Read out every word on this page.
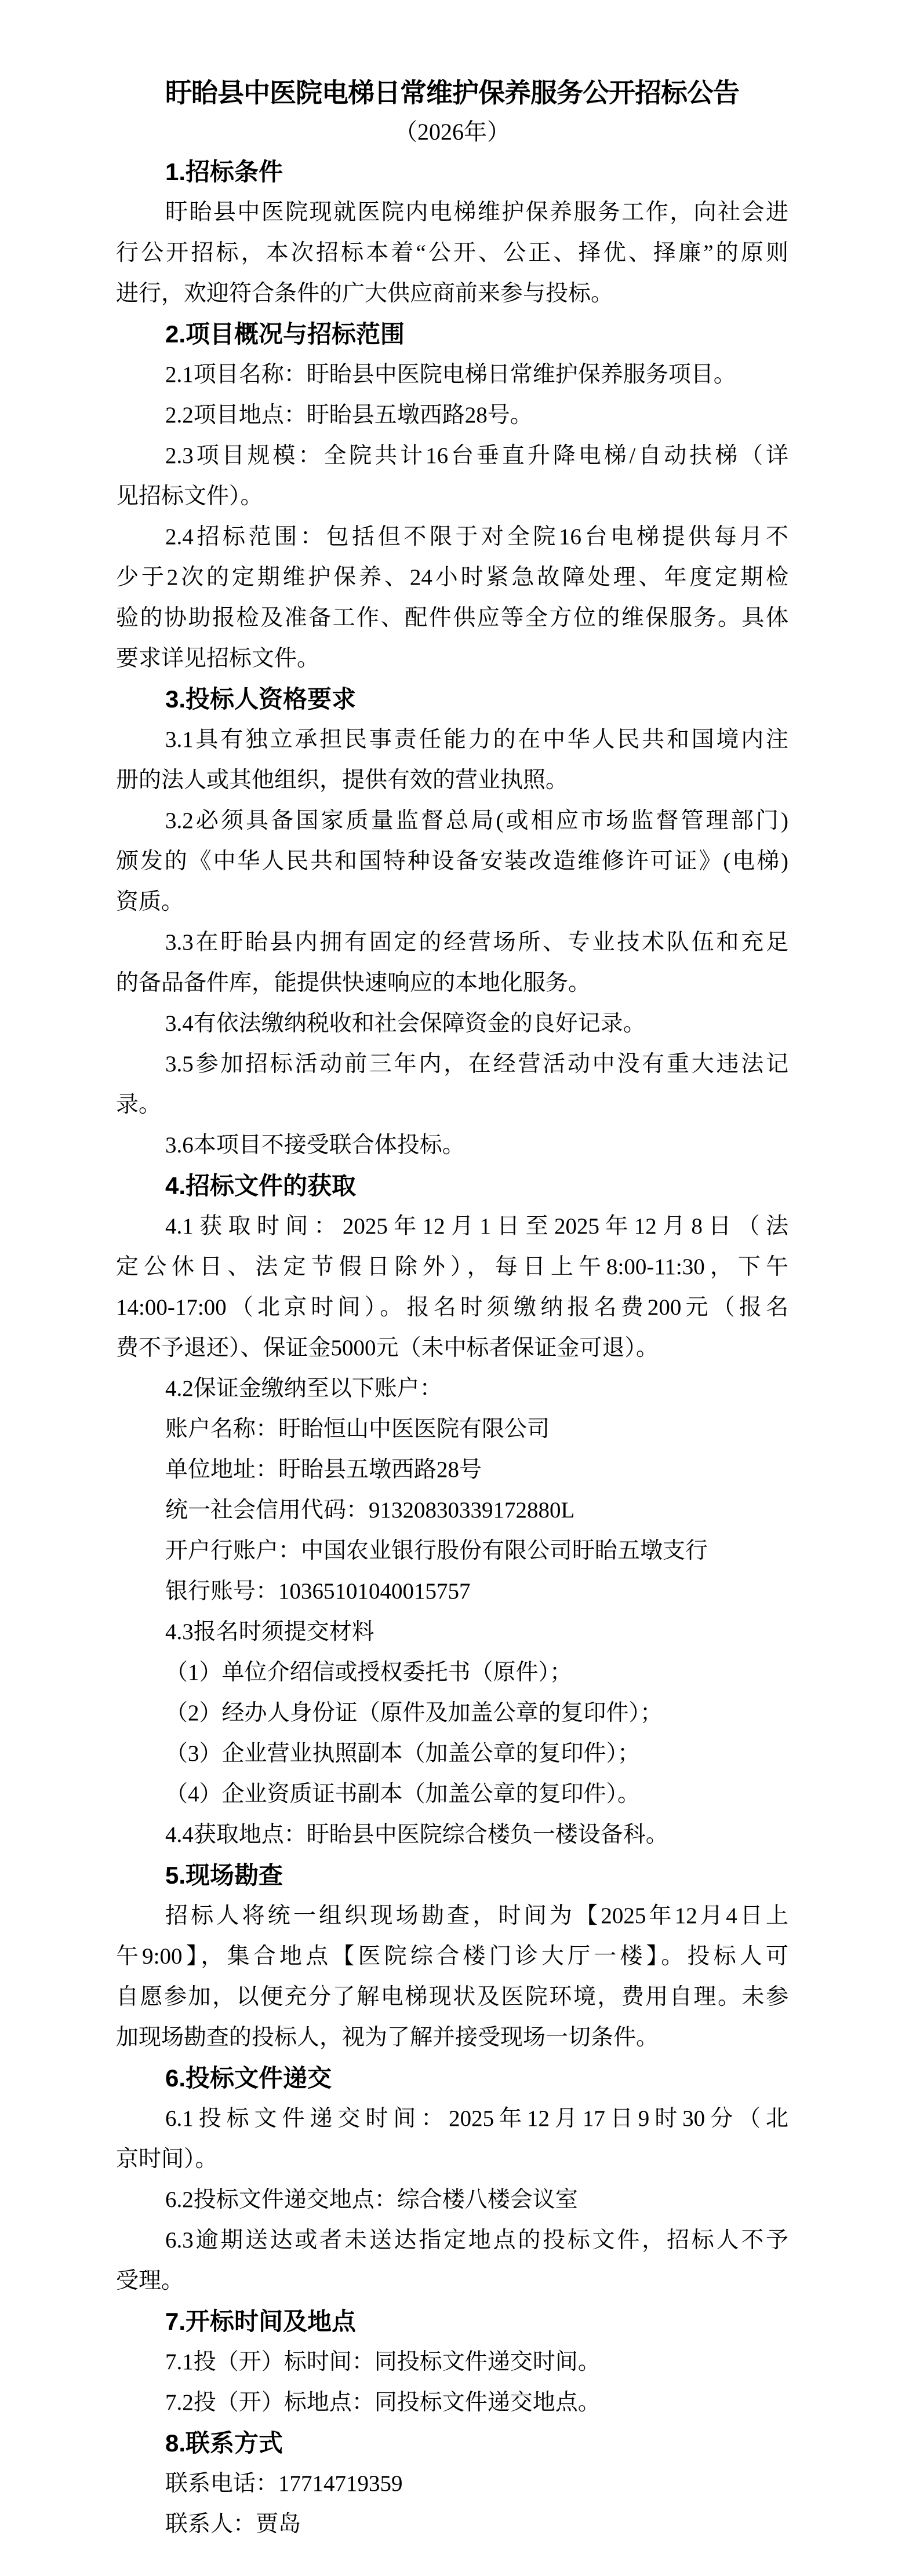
盱眙县中医院电梯日常维护保养服务公开招标公告
（2026年）
1.招标条件
盱眙县中医院现就医院内电梯维护保养服务工作，向社会进
行公开招标，本次招标本着“公开、公正、择优、择廉”的原则
进行，欢迎符合条件的广大供应商前来参与投标。
2.项目概况与招标范围
2.1项目名称：盱眙县中医院电梯日常维护保养服务项目。
2.2项目地点：盱眙县五墩西路28号。
2.3项目规模：全院共计16台垂直升降电梯/自动扶梯（详
见招标文件）。
2.4招标范围：包括但不限于对全院16台电梯提供每月不
少于2次的定期维护保养、24小时紧急故障处理、年度定期检
验的协助报检及准备工作、配件供应等全方位的维保服务。具体
要求详见招标文件。
3.投标人资格要求
3.1具有独立承担民事责任能力的在中华人民共和国境内注
册的法人或其他组织，提供有效的营业执照。
3.2必须具备国家质量监督总局(或相应市场监督管理部门)
颁发的《中华人民共和国特种设备安装改造维修许可证》(电梯)
资质。
3.3在盱眙县内拥有固定的经营场所、专业技术队伍和充足
的备品备件库，能提供快速响应的本地化服务。
3.4有依法缴纳税收和社会保障资金的良好记录。
3.5参加招标活动前三年内，在经营活动中没有重大违法记
录。
3.6本项目不接受联合体投标。
4.招标文件的获取
4.1获取时间：2025年12月1日至2025年12月8日（法
定公休日、法定节假日除外），每日上午8:00-11:30，下午
14:00-17:00（北京时间）。报名时须缴纳报名费200元（报名
费不予退还）、保证金5000元（未中标者保证金可退）。
4.2保证金缴纳至以下账户：
账户名称：盱眙恒山中医医院有限公司
单位地址：盱眙县五墩西路28号
统一社会信用代码：91320830339172880L
开户行账户：中国农业银行股份有限公司盱眙五墩支行
银行账号：10365101040015757
4.3报名时须提交材料
（1）单位介绍信或授权委托书（原件）；
（2）经办人身份证（原件及加盖公章的复印件）；
（3）企业营业执照副本（加盖公章的复印件）；
（4）企业资质证书副本（加盖公章的复印件）。
4.4获取地点：盱眙县中医院综合楼负一楼设备科。
5.现场勘查
招标人将统一组织现场勘查，时间为【2025年12月4日上
午9:00】，集合地点【医院综合楼门诊大厅一楼】。投标人可
自愿参加，以便充分了解电梯现状及医院环境，费用自理。未参
加现场勘查的投标人，视为了解并接受现场一切条件。
6.投标文件递交
6.1投标文件递交时间：2025年12月17日9时30分（北
京时间）。
6.2投标文件递交地点：综合楼八楼会议室
6.3逾期送达或者未送达指定地点的投标文件，招标人不予
受理。
7.开标时间及地点
7.1投（开）标时间：同投标文件递交时间。
7.2投（开）标地点：同投标文件递交地点。
8.联系方式
联系电话：17714719359
联系人：贾岛
